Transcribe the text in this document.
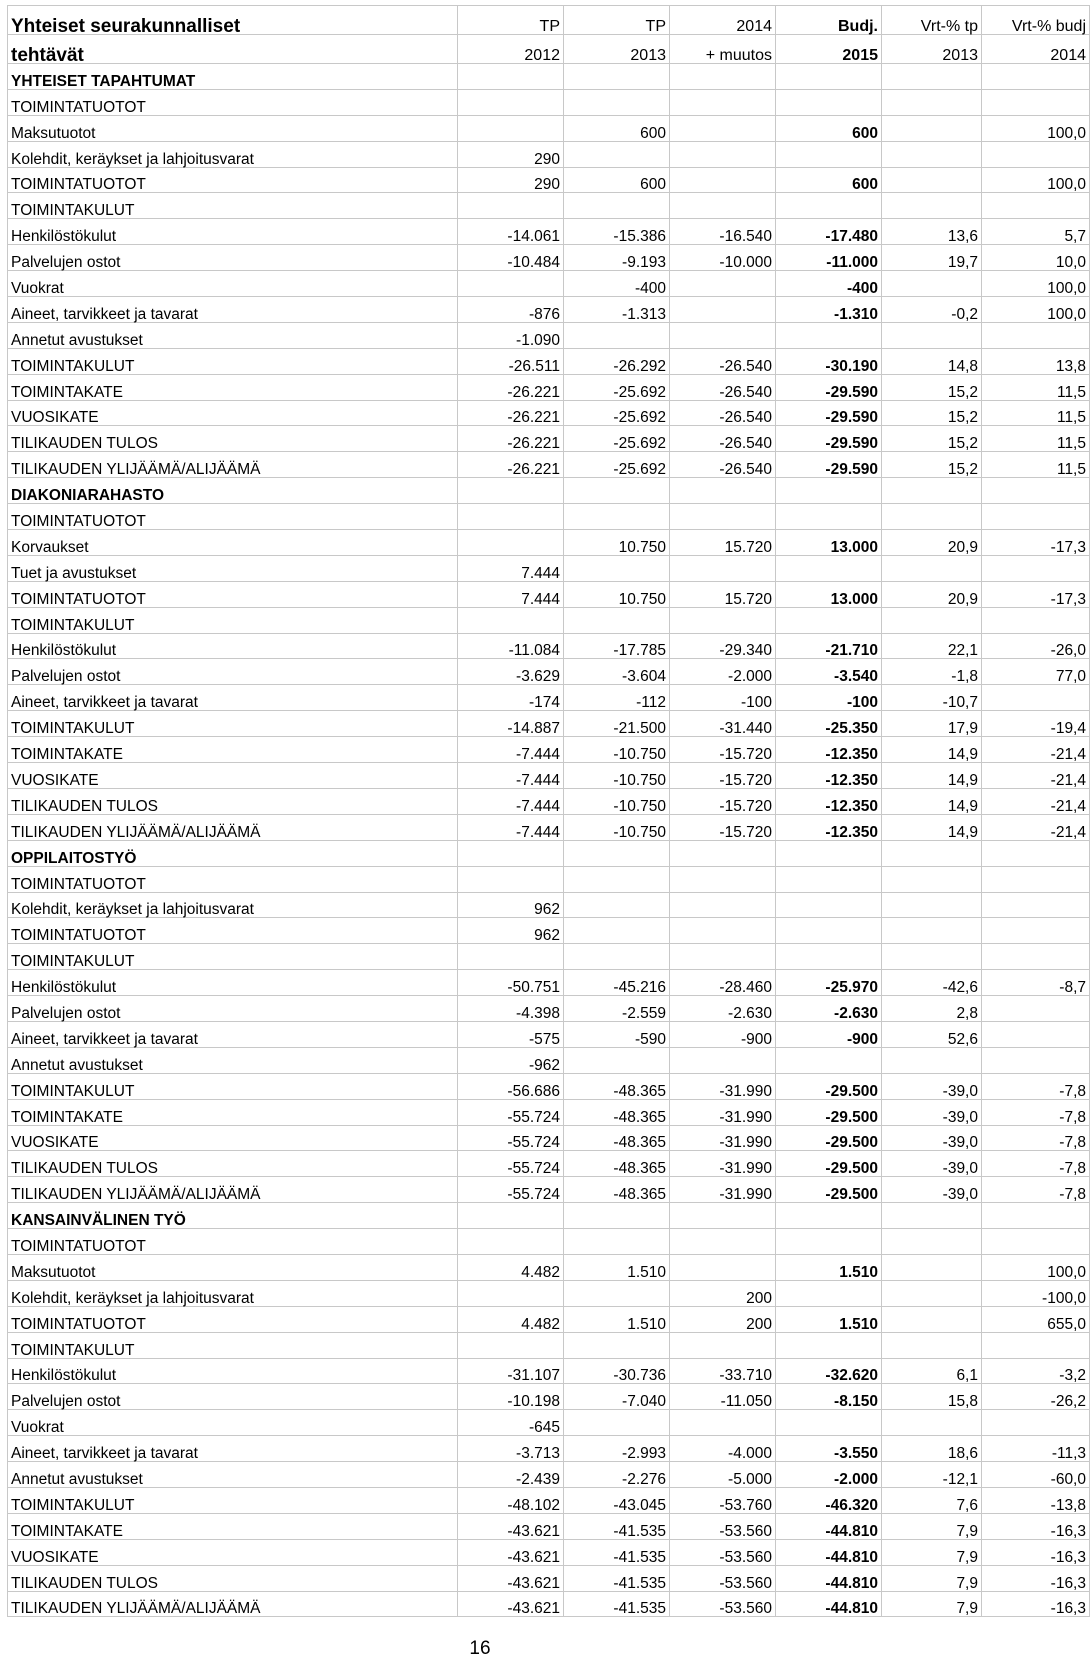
Yhteiset seurakunnalliset	TP	TP	2014	Budj.	Vrt-% tp	Vrt-% budj
tehtävät	2012	2013	+ muutos	2015	2013	2014
YHTEISET TAPAHTUMAT						
TOIMINTATUOTOT						
Maksutuotot		600		600		100,0
Kolehdit, keräykset ja lahjoitusvarat	290					
TOIMINTATUOTOT	290	600		600		100,0
TOIMINTAKULUT						
Henkilöstökulut	-14.061	-15.386	-16.540	-17.480	13,6	5,7
Palvelujen ostot	-10.484	-9.193	-10.000	-11.000	19,7	10,0
Vuokrat		-400		-400		100,0
Aineet, tarvikkeet ja tavarat	-876	-1.313		-1.310	-0,2	100,0
Annetut avustukset	-1.090					
TOIMINTAKULUT	-26.511	-26.292	-26.540	-30.190	14,8	13,8
TOIMINTAKATE	-26.221	-25.692	-26.540	-29.590	15,2	11,5
VUOSIKATE	-26.221	-25.692	-26.540	-29.590	15,2	11,5
TILIKAUDEN TULOS	-26.221	-25.692	-26.540	-29.590	15,2	11,5
TILIKAUDEN YLIJÄÄMÄ/ALIJÄÄMÄ	-26.221	-25.692	-26.540	-29.590	15,2	11,5
DIAKONIARAHASTO						
TOIMINTATUOTOT						
Korvaukset		10.750	15.720	13.000	20,9	-17,3
Tuet ja avustukset	7.444					
TOIMINTATUOTOT	7.444	10.750	15.720	13.000	20,9	-17,3
TOIMINTAKULUT						
Henkilöstökulut	-11.084	-17.785	-29.340	-21.710	22,1	-26,0
Palvelujen ostot	-3.629	-3.604	-2.000	-3.540	-1,8	77,0
Aineet, tarvikkeet ja tavarat	-174	-112	-100	-100	-10,7	
TOIMINTAKULUT	-14.887	-21.500	-31.440	-25.350	17,9	-19,4
TOIMINTAKATE	-7.444	-10.750	-15.720	-12.350	14,9	-21,4
VUOSIKATE	-7.444	-10.750	-15.720	-12.350	14,9	-21,4
TILIKAUDEN TULOS	-7.444	-10.750	-15.720	-12.350	14,9	-21,4
TILIKAUDEN YLIJÄÄMÄ/ALIJÄÄMÄ	-7.444	-10.750	-15.720	-12.350	14,9	-21,4
OPPILAITOSTYÖ						
TOIMINTATUOTOT						
Kolehdit, keräykset ja lahjoitusvarat	962					
TOIMINTATUOTOT	962					
TOIMINTAKULUT						
Henkilöstökulut	-50.751	-45.216	-28.460	-25.970	-42,6	-8,7
Palvelujen ostot	-4.398	-2.559	-2.630	-2.630	2,8	
Aineet, tarvikkeet ja tavarat	-575	-590	-900	-900	52,6	
Annetut avustukset	-962					
TOIMINTAKULUT	-56.686	-48.365	-31.990	-29.500	-39,0	-7,8
TOIMINTAKATE	-55.724	-48.365	-31.990	-29.500	-39,0	-7,8
VUOSIKATE	-55.724	-48.365	-31.990	-29.500	-39,0	-7,8
TILIKAUDEN TULOS	-55.724	-48.365	-31.990	-29.500	-39,0	-7,8
TILIKAUDEN YLIJÄÄMÄ/ALIJÄÄMÄ	-55.724	-48.365	-31.990	-29.500	-39,0	-7,8
KANSAINVÄLINEN TYÖ						
TOIMINTATUOTOT						
Maksutuotot	4.482	1.510		1.510		100,0
Kolehdit, keräykset ja lahjoitusvarat			200			-100,0
TOIMINTATUOTOT	4.482	1.510	200	1.510		655,0
TOIMINTAKULUT						
Henkilöstökulut	-31.107	-30.736	-33.710	-32.620	6,1	-3,2
Palvelujen ostot	-10.198	-7.040	-11.050	-8.150	15,8	-26,2
Vuokrat	-645					
Aineet, tarvikkeet ja tavarat	-3.713	-2.993	-4.000	-3.550	18,6	-11,3
Annetut avustukset	-2.439	-2.276	-5.000	-2.000	-12,1	-60,0
TOIMINTAKULUT	-48.102	-43.045	-53.760	-46.320	7,6	-13,8
TOIMINTAKATE	-43.621	-41.535	-53.560	-44.810	7,9	-16,3
VUOSIKATE	-43.621	-41.535	-53.560	-44.810	7,9	-16,3
TILIKAUDEN TULOS	-43.621	-41.535	-53.560	-44.810	7,9	-16,3
TILIKAUDEN YLIJÄÄMÄ/ALIJÄÄMÄ	-43.621	-41.535	-53.560	-44.810	7,9	-16,3
16
